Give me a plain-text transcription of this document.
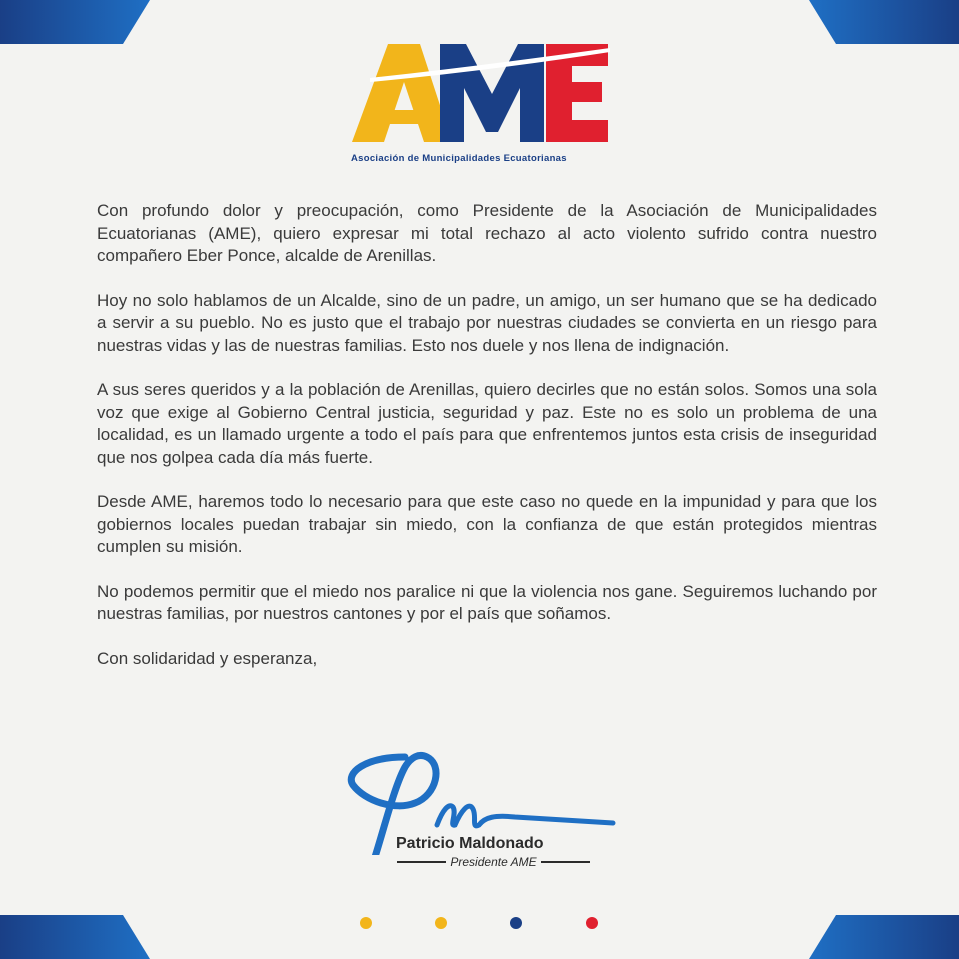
Asociación de Municipalidades Ecuatorianas

Con profundo dolor y preocupación, como Presidente de la Asociación de Municipalidades Ecuatorianas (AME), quiero expresar mi total rechazo al acto violento sufrido contra nuestro compañero Eber Ponce, alcalde de Arenillas.

Hoy no solo hablamos de un Alcalde, sino de un padre, un amigo, un ser humano que se ha dedicado a servir a su pueblo. No es justo que el trabajo por nuestras ciudades se convierta en un riesgo para nuestras vidas y las de nuestras familias. Esto nos duele y nos llena de indignación.

A sus seres queridos y a la población de Arenillas, quiero decirles que no están solos. Somos una sola voz que exige al Gobierno Central justicia, seguridad y paz. Este no es solo un problema de una localidad, es un llamado urgente a todo el país para que enfrentemos juntos esta crisis de inseguridad que nos golpea cada día más fuerte.

Desde AME, haremos todo lo necesario para que este caso no quede en la impunidad y para que los gobiernos locales puedan trabajar sin miedo, con la confianza de que están protegidos mientras cumplen su misión.

No podemos permitir que el miedo nos paralice ni que la violencia nos gane. Seguiremos luchando por nuestras familias, por nuestros cantones y por el país que soñamos.

Con solidaridad y esperanza,

Patricio Maldonado
Presidente AME
